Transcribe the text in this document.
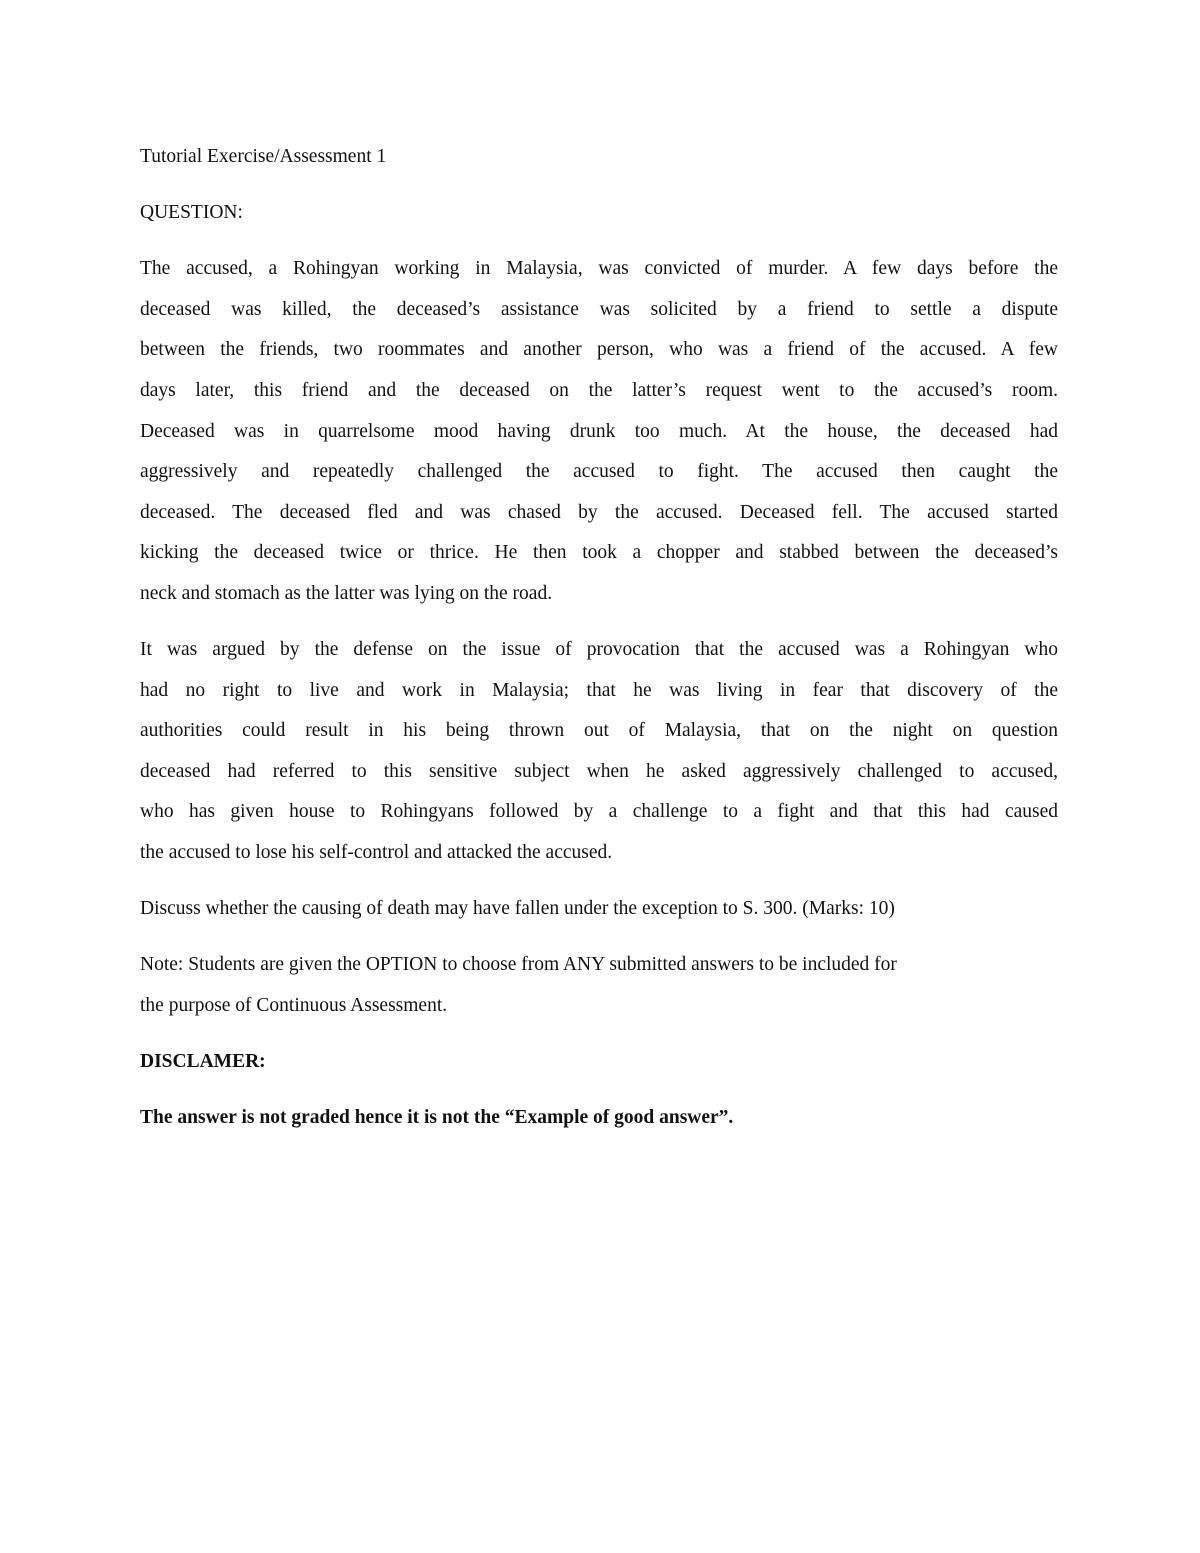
Tutorial Exercise/Assessment 1
QUESTION:
The accused, a Rohingyan working in Malaysia, was convicted of murder. A few days before the
deceased was killed, the deceased’s assistance was solicited by a friend to settle a dispute
between the friends, two roommates and another person, who was a friend of the accused. A few
days later, this friend and the deceased on the latter’s request went to the accused’s room.
Deceased was in quarrelsome mood having drunk too much. At the house, the deceased had
aggressively and repeatedly challenged the accused to fight. The accused then caught the
deceased. The deceased fled and was chased by the accused. Deceased fell. The accused started
kicking the deceased twice or thrice. He then took a chopper and stabbed between the deceased’s
neck and stomach as the latter was lying on the road.
It was argued by the defense on the issue of provocation that the accused was a Rohingyan who
had no right to live and work in Malaysia; that he was living in fear that discovery of the
authorities could result in his being thrown out of Malaysia, that on the night on question
deceased had referred to this sensitive subject when he asked aggressively challenged to accused,
who has given house to Rohingyans followed by a challenge to a fight and that this had caused
the accused to lose his self-control and attacked the accused.
Discuss whether the causing of death may have fallen under the exception to S. 300. (Marks: 10)
Note: Students are given the OPTION to choose from ANY submitted answers to be included for
the purpose of Continuous Assessment.
DISCLAMER:
The answer is not graded hence it is not the “Example of good answer”.
